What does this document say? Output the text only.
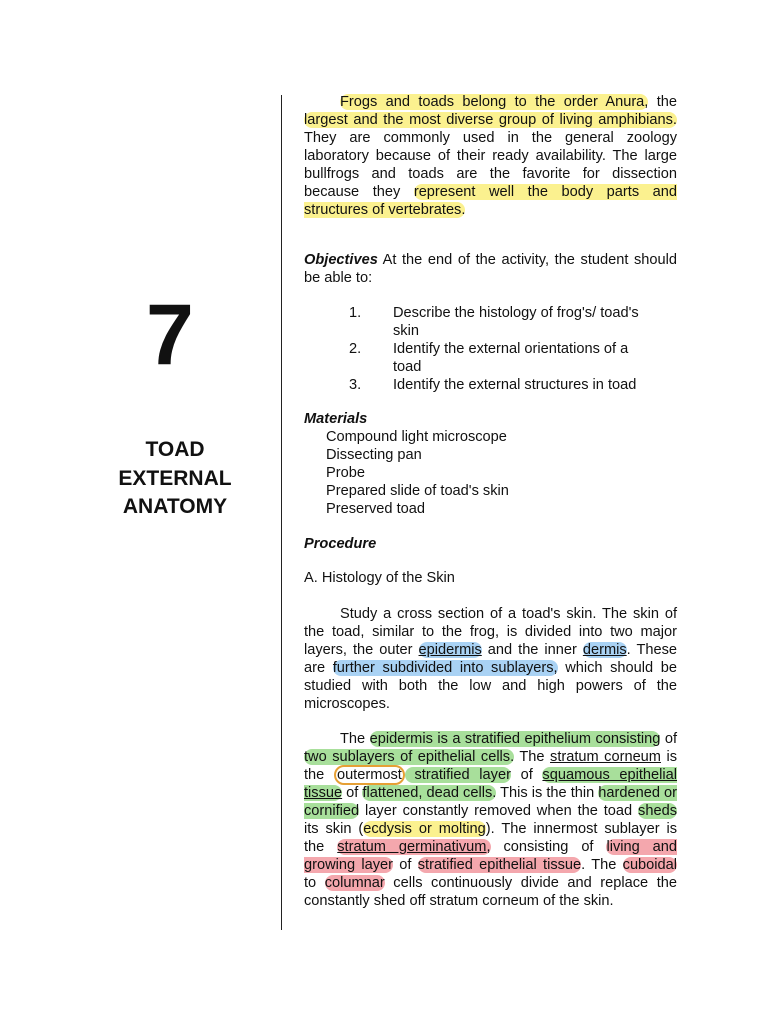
7
TOAD
EXTERNAL
ANATOMY

Frogs and toads belong to the order Anura, the largest and the most diverse group of living amphibians. They are commonly used in the general zoology laboratory because of their ready availability. The large bullfrogs and toads are the favorite for dissection because they represent well the body parts and structures of vertebrates.

Objectives At the end of the activity, the student should be able to:

1.	Describe the histology of frog's/ toad's skin
2.	Identify the external orientations of a toad
3.	Identify the external structures in toad
Materials
Compound light microscope
Dissecting pan
Probe
Prepared slide of toad's skin
Preserved toad
Procedure
A. Histology of the Skin

Study a cross section of a toad's skin. The skin of the toad, similar to the frog, is divided into two major layers, the outer epidermis and the inner dermis. These are further subdivided into sublayers, which should be studied with both the low and high powers of the microscopes.

The epidermis is a stratified epithelium consisting of two sublayers of epithelial cells. The stratum corneum is the outermost stratified layer of squamous epithelial tissue of flattened, dead cells. This is the thin hardened or cornified layer constantly removed when the toad sheds its skin (ecdysis or molting). The innermost sublayer is the stratum germinativum, consisting of living and growing layer of stratified epithelial tissue. The cuboidal to columnar cells continuously divide and replace the constantly shed off stratum corneum of the skin.
